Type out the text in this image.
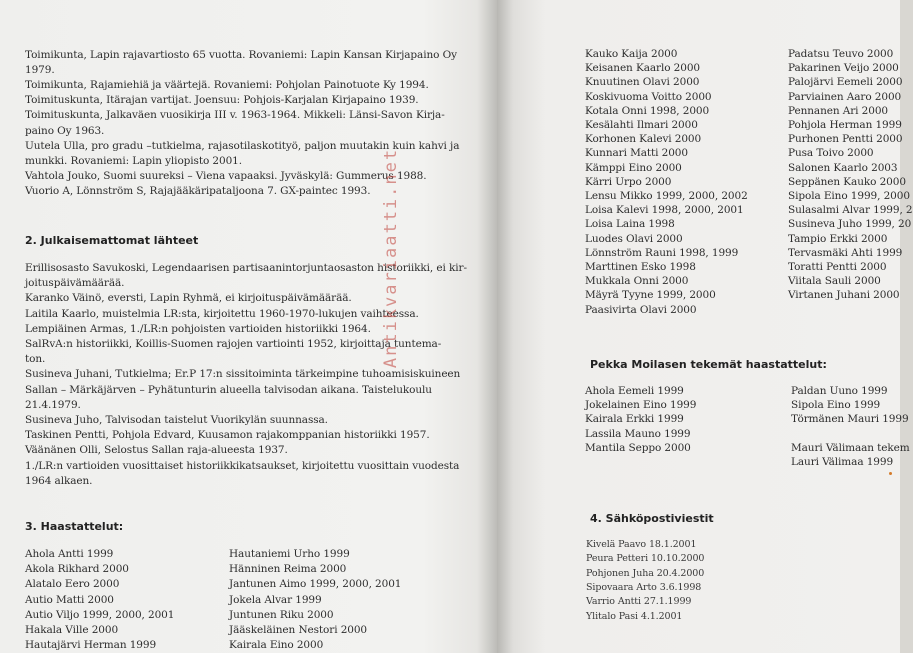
Toimikunta, Lapin rajavartiosto 65 vuotta. Rovaniemi: Lapin Kansan Kirjapaino Oy
1979.
Toimikunta, Rajamiehiä ja väärtejä. Rovaniemi: Pohjolan Painotuote Ky 1994.
Toimituskunta, Itärajan vartijat. Joensuu: Pohjois-Karjalan Kirjapaino 1939.
Toimituskunta, Jalkaväen vuosikirja III v. 1963-1964. Mikkeli: Länsi-Savon Kirja-
paino Oy 1963.
Uutela Ulla, pro gradu –tutkielma, rajasotilaskotityö, paljon muutakin kuin kahvi ja
munkki. Rovaniemi: Lapin yliopisto 2001.
Vahtola Jouko, Suomi suureksi – Viena vapaaksi. Jyväskylä: Gummerus 1988.
Vuorio A, Lönnström S, Rajajääkäripataljoona 7. GX-paintec 1993.
2. Julkaisemattomat lähteet
Erillisosasto Savukoski, Legendaarisen partisaanintorjuntaosaston historiikki, ei kir-
joituspäivämäärää.
Karanko Väinö, eversti, Lapin Ryhmä, ei kirjoituspäivämäärää.
Laitila Kaarlo, muistelmia LR:sta, kirjoitettu 1960-1970-lukujen vaihteessa.
Lempiäinen Armas, 1./LR:n pohjoisten vartioiden historiikki 1964.
SalRvA:n historiikki, Koillis-Suomen rajojen vartiointi 1952, kirjoittaja tuntema-
ton.
Susineva Juhani, Tutkielma; Er.P 17:n sissitoiminta tärkeimpine tuhoamisiskuineen
Sallan – Märkäjärven – Pyhätunturin alueella talvisodan aikana. Taistelukoulu
21.4.1979.
Susineva Juho, Talvisodan taistelut Vuorikylän suunnassa.
Taskinen Pentti, Pohjola Edvard, Kuusamon rajakomppanian historiikki 1957.
Väänänen Olli, Selostus Sallan raja-alueesta 1937.
1./LR:n vartioiden vuosittaiset historiikkikatsaukset, kirjoitettu vuosittain vuodesta
1964 alkaen.
3. Haastattelut:
Ahola Antti 1999
Akola Rikhard 2000
Alatalo Eero 2000
Autio Matti 2000
Autio Viljo 1999, 2000, 2001
Hakala Ville 2000
Hautajärvi Herman 1999
Hautaniemi Urho 1999
Hänninen Reima 2000
Jantunen Aimo 1999, 2000, 2001
Jokela Alvar 1999
Juntunen Riku 2000
Jääskeläinen Nestori 2000
Kairala Eino 2000
Kauko Kaija 2000
Keisanen Kaarlo 2000
Knuutinen Olavi 2000
Koskivuoma Voitto 2000
Kotala Onni 1998, 2000
Kesälahti Ilmari 2000
Korhonen Kalevi 2000
Kunnari Matti 2000
Kämppi Eino 2000
Kärri Urpo 2000
Lensu Mikko 1999, 2000, 2002
Loisa Kalevi 1998, 2000, 2001
Loisa Laina 1998
Luodes Olavi 2000
Lönnström Rauni 1998, 1999
Marttinen Esko 1998
Mukkala Onni 2000
Mäyrä Tyyne 1999, 2000
Paasivirta Olavi 2000
Padatsu Teuvo 2000
Pakarinen Veijo 2000
Palojärvi Eemeli 2000
Parviainen Aaro 2000
Pennanen Ari 2000
Pohjola Herman 1999
Purhonen Pentti 2000
Pusa Toivo 2000
Salonen Kaarlo 2003
Seppänen Kauko 2000
Sipola Eino 1999, 2000
Sulasalmi Alvar 1999, 2
Susineva Juho 1999, 20
Tampio Erkki 2000
Tervasmäki Ahti 1999
Toratti Pentti 2000
Viitala Sauli 2000
Virtanen Juhani 2000
Pekka Moilasen tekemät haastattelut:
Ahola Eemeli 1999
Jokelainen Eino 1999
Kairala Erkki 1999
Lassila Mauno 1999
Mantila Seppo 2000
Paldan Uuno 1999
Sipola Eino 1999
Törmänen Mauri 1999
Mauri Välimaan tekem
Lauri Välimaa 1999
4. Sähköpostiviestit
Kivelä Paavo 18.1.2001
Peura Petteri 10.10.2000
Pohjonen Juha 20.4.2000
Sipovaara Arto 3.6.1998
Varrio Antti 27.1.1999
Ylitalo Pasi 4.1.2001
Antikvariaatti.net
